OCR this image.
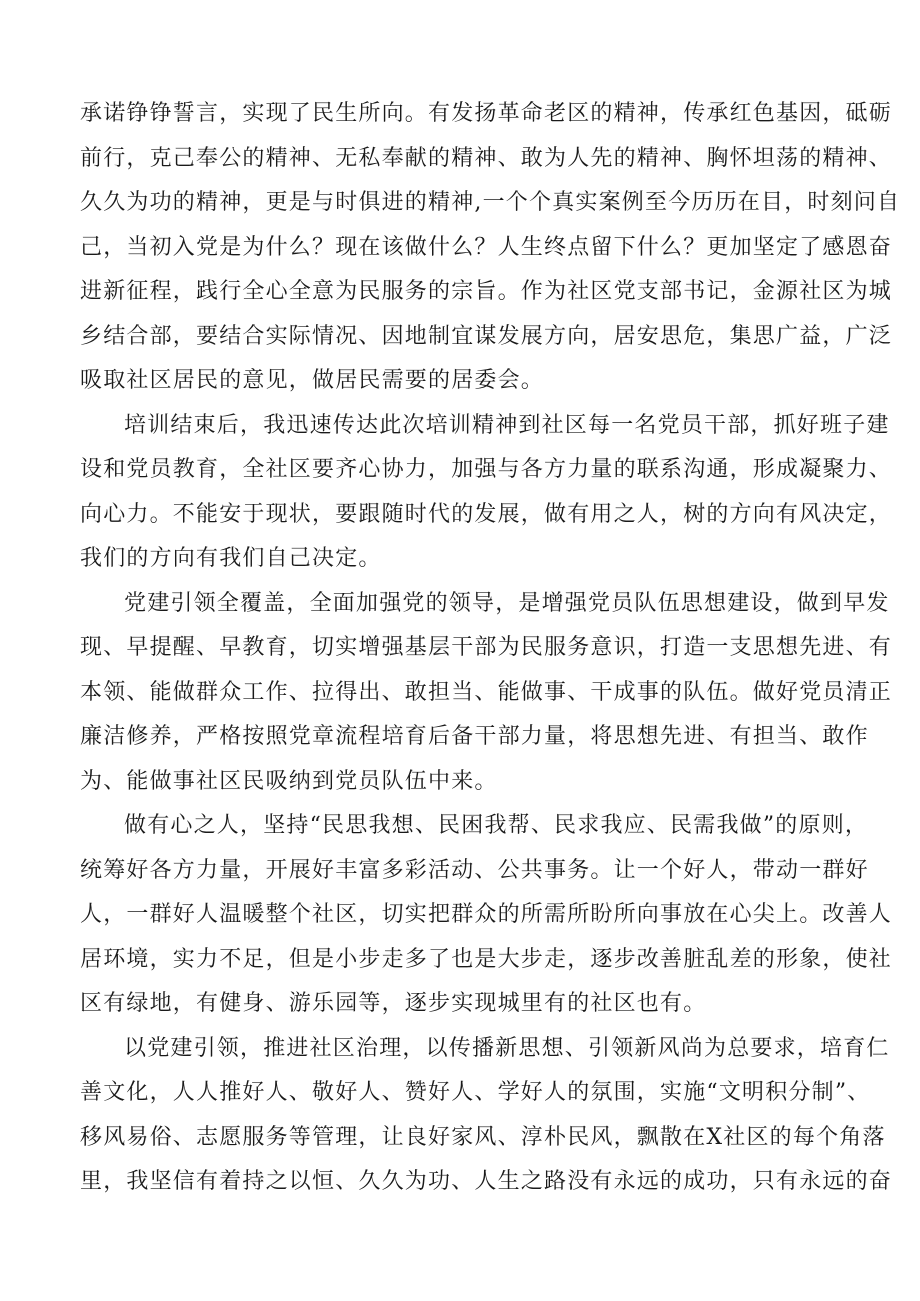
承诺铮铮誓言，实现了民生所向。有发扬革命老区的精神，传承红色基因，砥砺
前行，克己奉公的精神、无私奉献的精神、敢为人先的精神、胸怀坦荡的精神、
久久为功的精神，更是与时俱进的精神,一个个真实案例至今历历在目，时刻问自
己，当初入党是为什么？现在该做什么？人生终点留下什么？更加坚定了感恩奋
进新征程，践行全心全意为民服务的宗旨。作为社区党支部书记，金源社区为城
乡结合部，要结合实际情况、因地制宜谋发展方向，居安思危，集思广益，广泛
吸取社区居民的意见，做居民需要的居委会。
培训结束后，我迅速传达此次培训精神到社区每一名党员干部，抓好班子建
设和党员教育，全社区要齐心协力，加强与各方力量的联系沟通，形成凝聚力、
向心力。不能安于现状，要跟随时代的发展，做有用之人，树的方向有风决定，
我们的方向有我们自己决定。
党建引领全覆盖，全面加强党的领导，是增强党员队伍思想建设，做到早发
现、早提醒、早教育，切实增强基层干部为民服务意识，打造一支思想先进、有
本领、能做群众工作、拉得出、敢担当、能做事、干成事的队伍。做好党员清正
廉洁修养，严格按照党章流程培育后备干部力量，将思想先进、有担当、敢作
为、能做事社区民吸纳到党员队伍中来。
做有心之人，坚持“民思我想、民困我帮、民求我应、民需我做”的原则，
统筹好各方力量，开展好丰富多彩活动、公共事务。让一个好人，带动一群好
人，一群好人温暖整个社区，切实把群众的所需所盼所向事放在心尖上。改善人
居环境，实力不足，但是小步走多了也是大步走，逐步改善脏乱差的形象，使社
区有绿地，有健身、游乐园等，逐步实现城里有的社区也有。
以党建引领，推进社区治理，以传播新思想、引领新风尚为总要求，培育仁
善文化，人人推好人、敬好人、赞好人、学好人的氛围，实施“文明积分制”、
移风易俗、志愿服务等管理，让良好家风、淳朴民风，飘散在X社区的每个角落
里，我坚信有着持之以恒、久久为功、人生之路没有永远的成功，只有永远的奋
